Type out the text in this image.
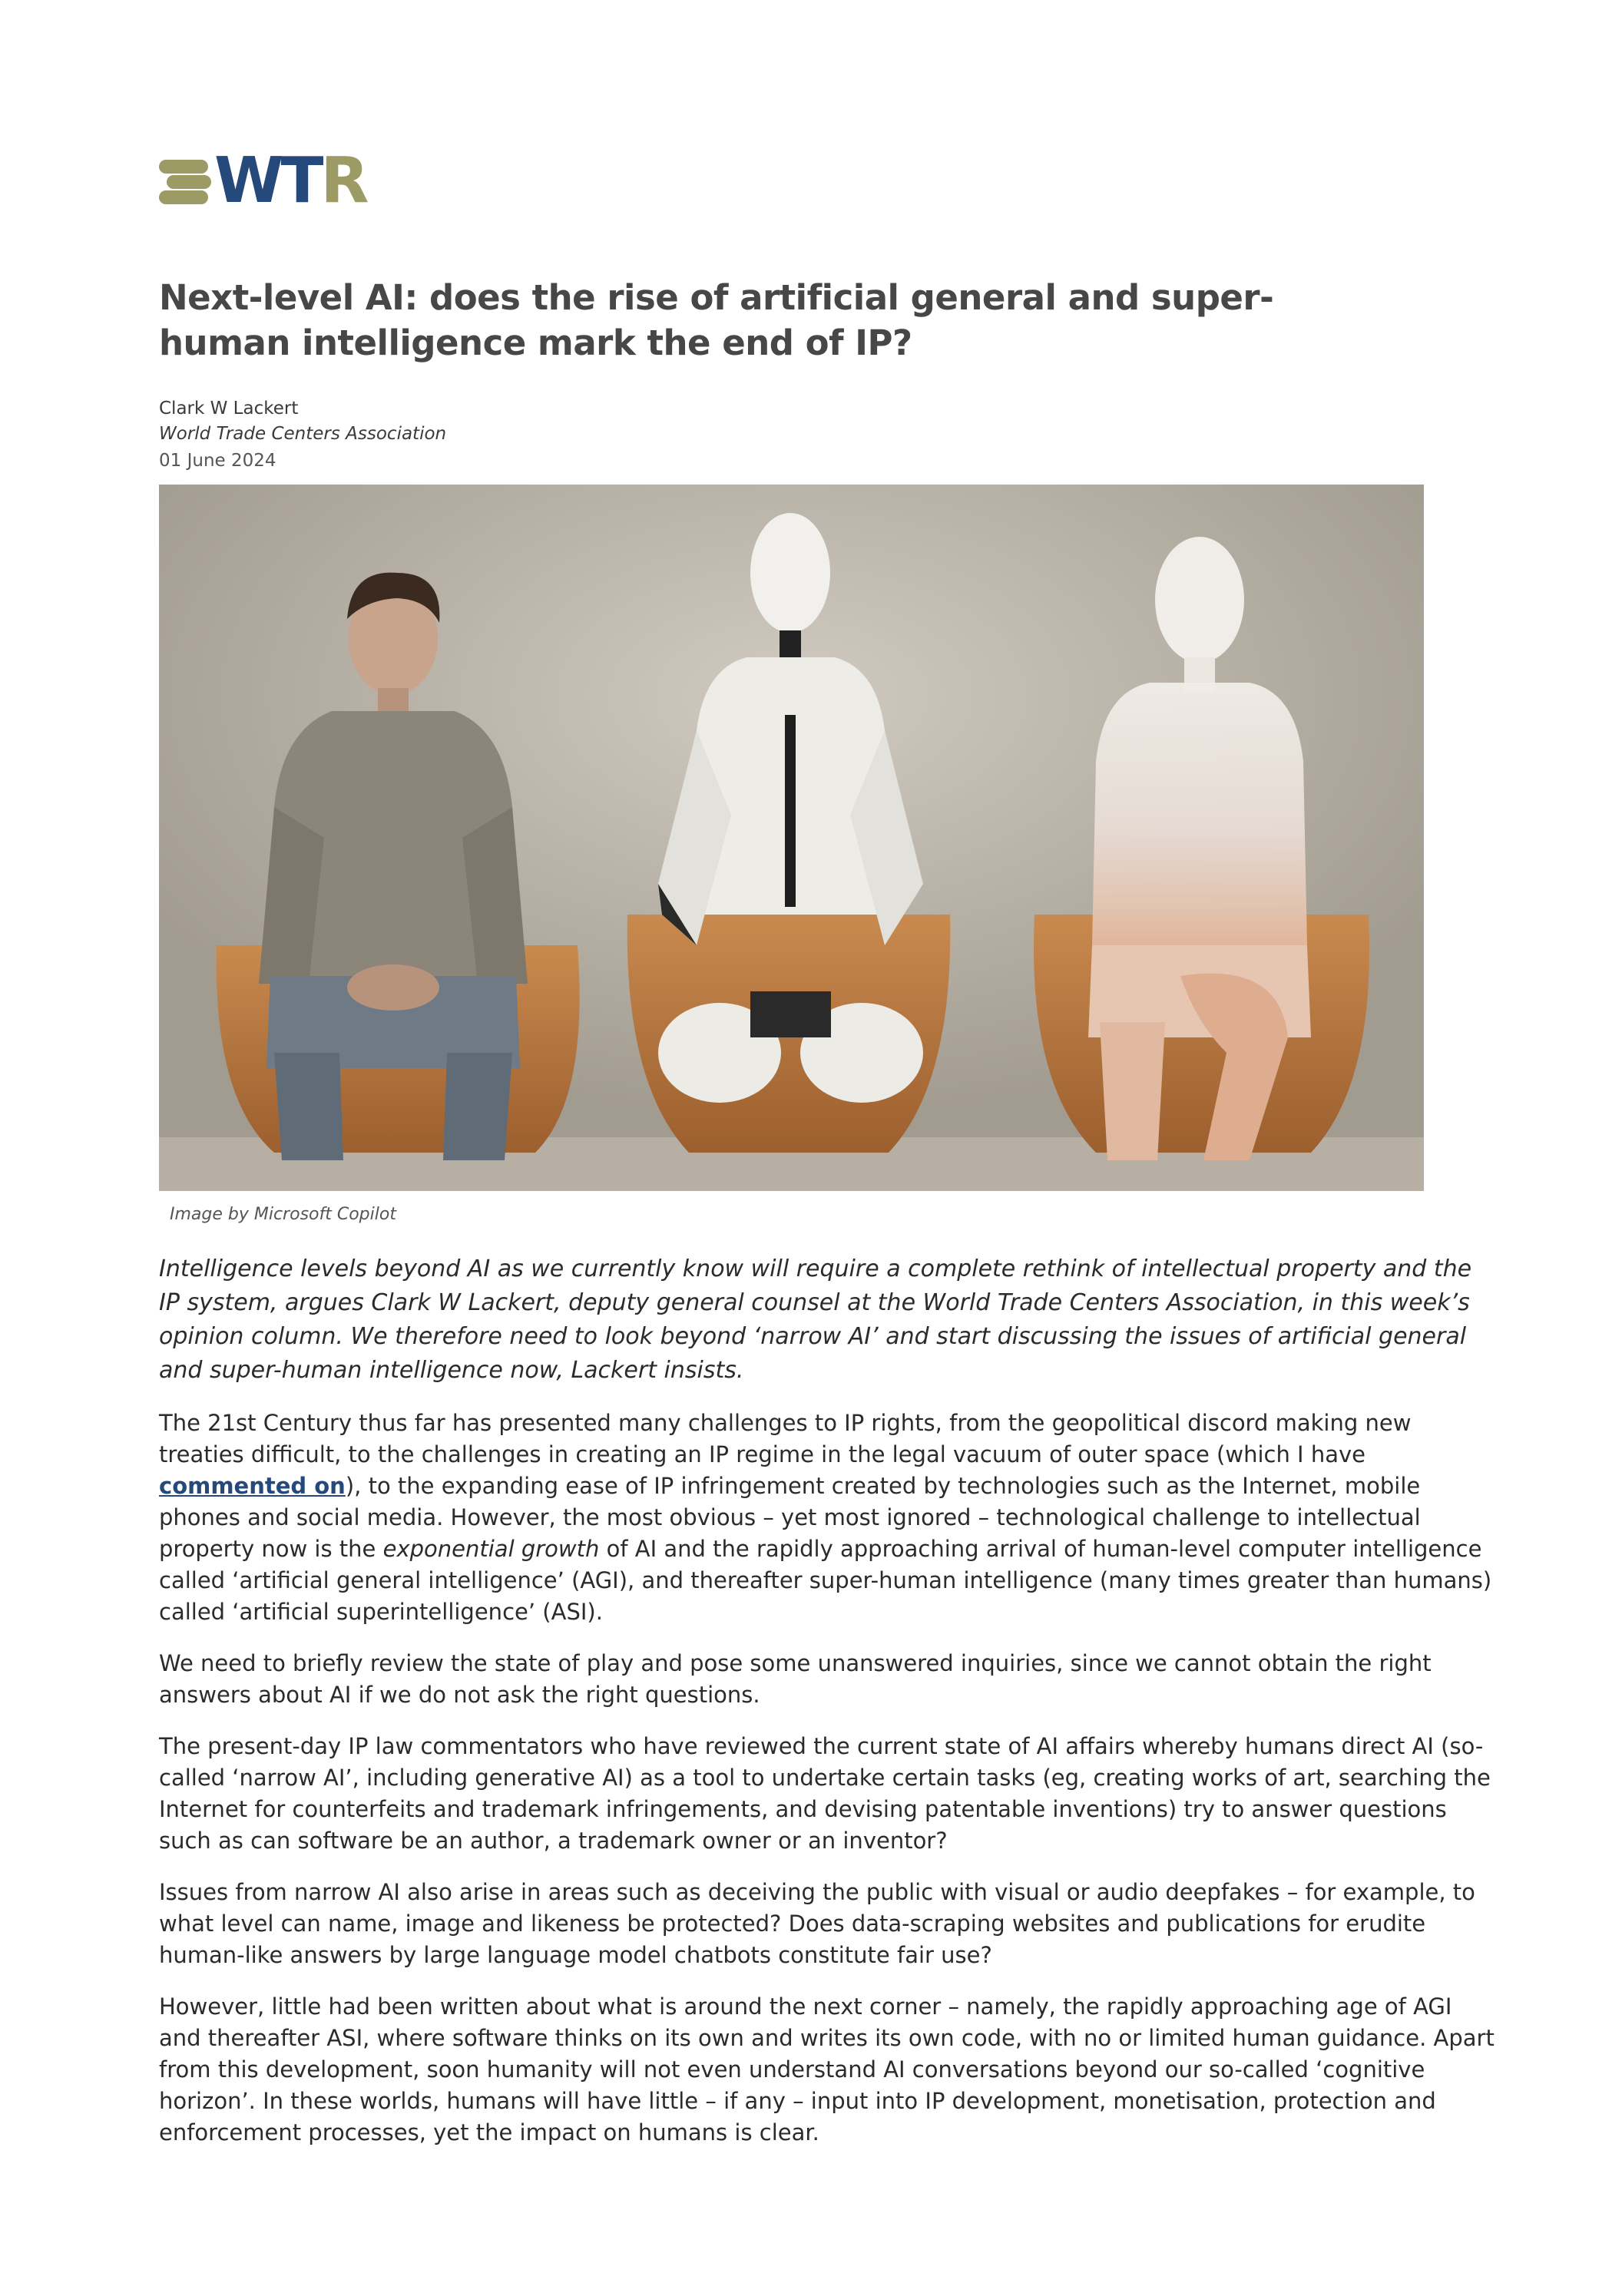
WTR
Next-level AI: does the rise of artificial general and super-human intelligence mark the end of IP?
Clark W Lackert
World Trade Centers Association
01 June 2024
Image by Microsoft Copilot

Intelligence levels beyond AI as we currently know will require a complete rethink of intellectual property and the IP system, argues Clark W Lackert, deputy general counsel at the World Trade Centers Association, in this week’s opinion column. We therefore need to look beyond ‘narrow AI’ and start discussing the issues of artificial general and super-human intelligence now, Lackert insists.

The 21st Century thus far has presented many challenges to IP rights, from the geopolitical discord making new treaties difficult, to the challenges in creating an IP regime in the legal vacuum of outer space (which I have commented on), to the expanding ease of IP infringement created by technologies such as the Internet, mobile phones and social media. However, the most obvious – yet most ignored – technological challenge to intellectual property now is the exponential growth of AI and the rapidly approaching arrival of human-level computer intelligence called ‘artificial general intelligence’ (AGI), and thereafter super-human intelligence (many times greater than humans) called ‘artificial superintelligence’ (ASI).

We need to briefly review the state of play and pose some unanswered inquiries, since we cannot obtain the right answers about AI if we do not ask the right questions.

The present-day IP law commentators who have reviewed the current state of AI affairs whereby humans direct AI (so-called ‘narrow AI’, including generative AI) as a tool to undertake certain tasks (eg, creating works of art, searching the Internet for counterfeits and trademark infringements, and devising patentable inventions) try to answer questions such as can software be an author, a trademark owner or an inventor?

Issues from narrow AI also arise in areas such as deceiving the public with visual or audio deepfakes – for example, to what level can name, image and likeness be protected? Does data-scraping websites and publications for erudite human-like answers by large language model chatbots constitute fair use?

However, little had been written about what is around the next corner – namely, the rapidly approaching age of AGI and thereafter ASI, where software thinks on its own and writes its own code, with no or limited human guidance. Apart from this development, soon humanity will not even understand AI conversations beyond our so-called ‘cognitive horizon’. In these worlds, humans will have little – if any – input into IP development, monetisation, protection and enforcement processes, yet the impact on humans is clear.
